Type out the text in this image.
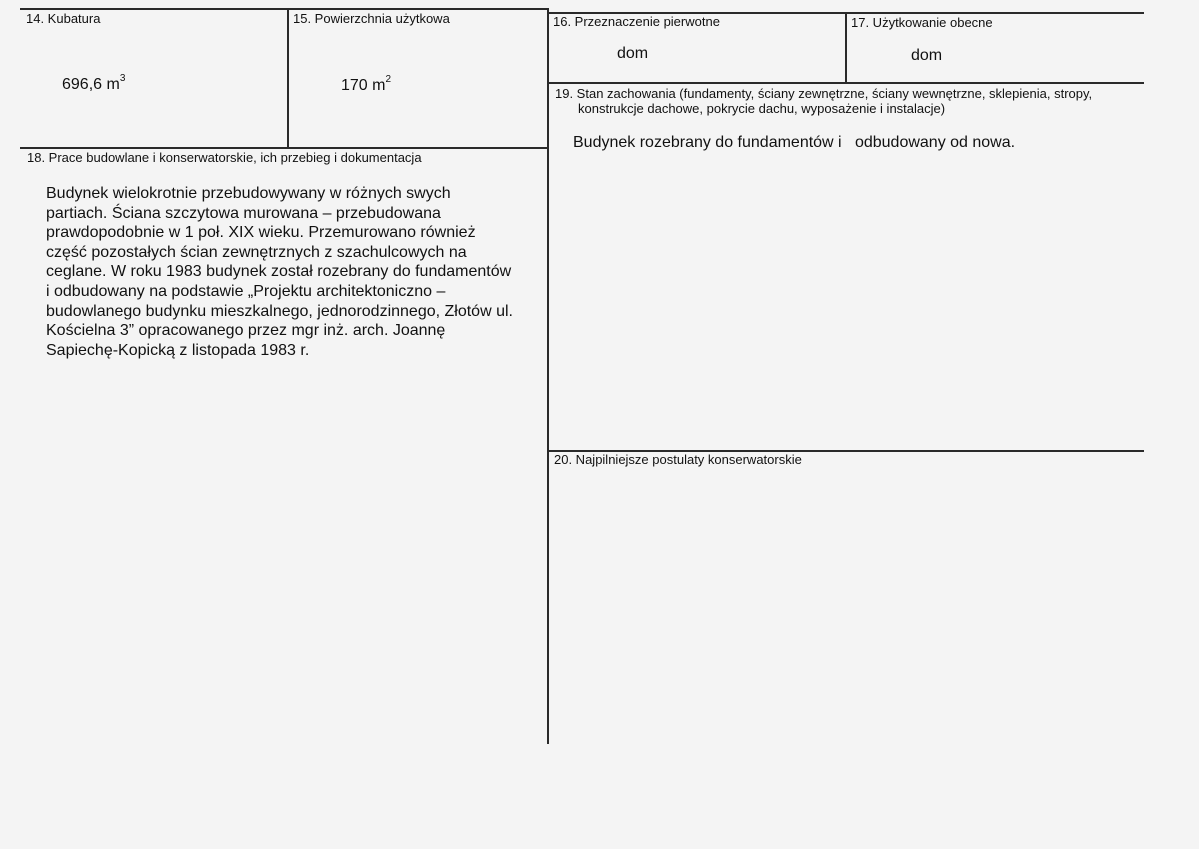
14. Kubatura
696,6 $m^3$
15. Powierzchnia użytkowa
170 $m^2$
16. Przeznaczenie pierwotne
dom
17. Użytkowanie obecne
dom
19. Stan zachowania (fundamenty, ściany zewnętrzne, ściany wewnętrzne, sklepienia, stropy,
konstrukcje dachowe, pokrycie dachu, wyposażenie i instalacje)
Budynek rozebrany do fundamentów i   odbudowany od nowa.
18. Prace budowlane i konserwatorskie, ich przebieg i dokumentacja
Budynek wielokrotnie przebudowywany w różnych swych
partiach. Ściana szczytowa murowana – przebudowana
prawdopodobnie w 1 poł. XIX wieku. Przemurowano również
część pozostałych ścian zewnętrznych z szachulcowych na
ceglane. W roku 1983 budynek został rozebrany do fundamentów
i odbudowany na podstawie „Projektu architektoniczno –
budowlanego budynku mieszkalnego, jednorodzinnego, Złotów ul.
Kościelna 3” opracowanego przez mgr inż. arch. Joannę
Sapiechę-Kopicką z listopada 1983 r.
20. Najpilniejsze postulaty konserwatorskie
